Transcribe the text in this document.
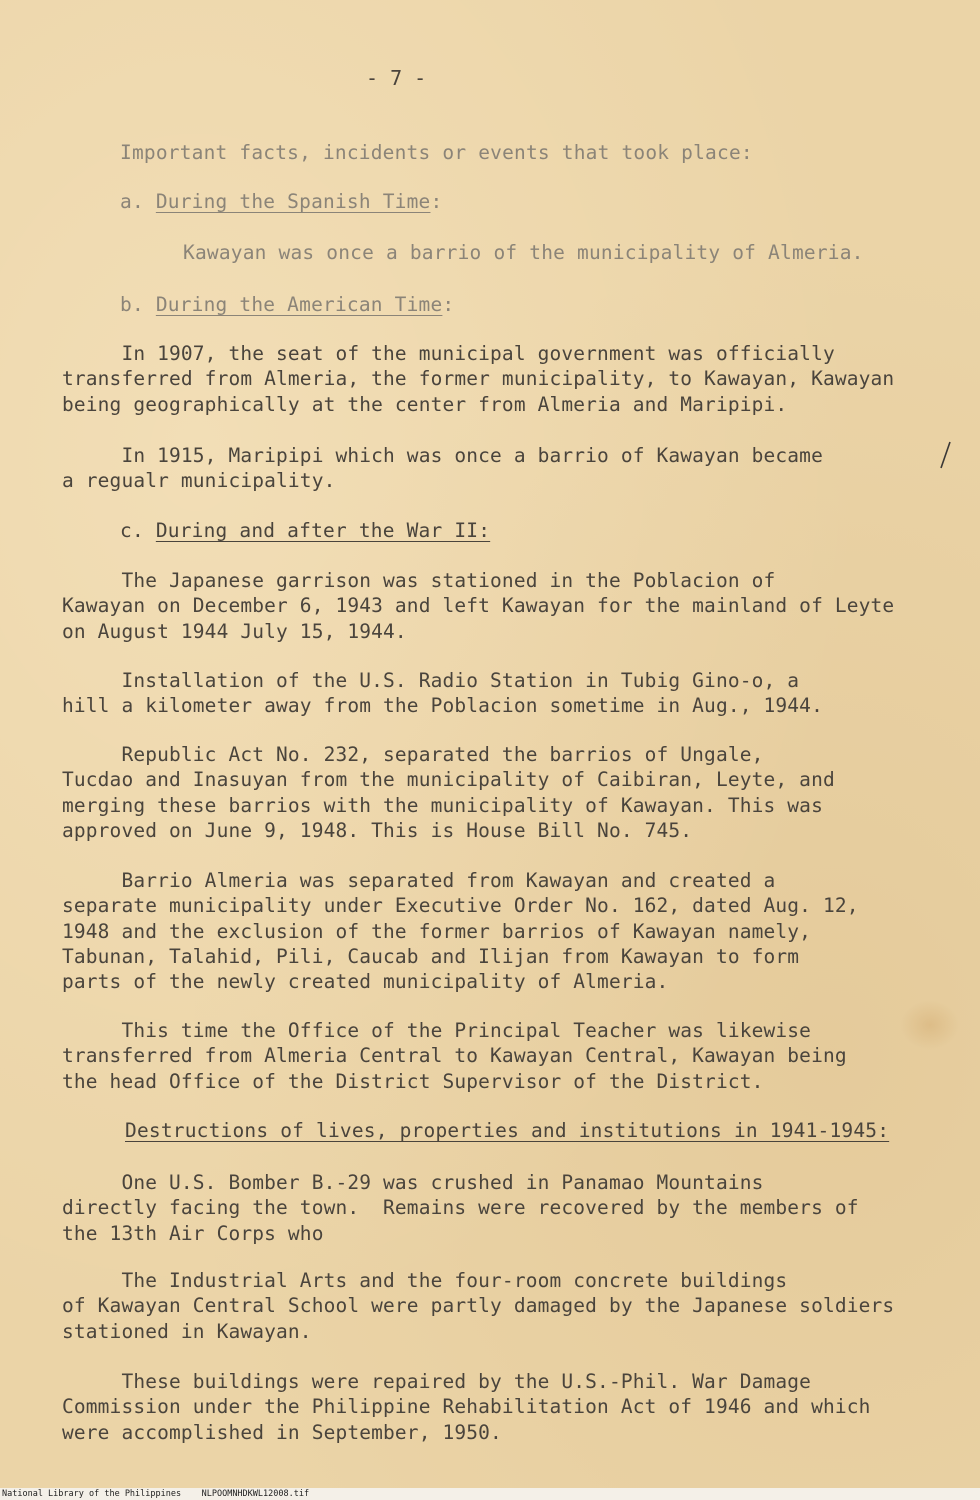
- 7 -
Important facts, incidents or events that took place:
a. During the Spanish Time:
Kawayan was once a barrio of the municipality of Almeria.
b. During the American Time:
In 1907, the seat of the municipal government was officially
transferred from Almeria, the former municipality, to Kawayan, Kawayan
being geographically at the center from Almeria and Maripipi.
In 1915, Maripipi which was once a barrio of Kawayan became
a regualr municipality.
c. During and after the War II:
The Japanese garrison was stationed in the Poblacion of
Kawayan on December 6, 1943 and left Kawayan for the mainland of Leyte
on August 1944 July 15, 1944.
Installation of the U.S. Radio Station in Tubig Gino-o, a
hill a kilometer away from the Poblacion sometime in Aug., 1944.
Republic Act No. 232, separated the barrios of Ungale,
Tucdao and Inasuyan from the municipality of Caibiran, Leyte, and
merging these barrios with the municipality of Kawayan. This was
approved on June 9, 1948. This is House Bill No. 745.
Barrio Almeria was separated from Kawayan and created a
separate municipality under Executive Order No. 162, dated Aug. 12,
1948 and the exclusion of the former barrios of Kawayan namely,
Tabunan, Talahid, Pili, Caucab and Ilijan from Kawayan to form
parts of the newly created municipality of Almeria.
This time the Office of the Principal Teacher was likewise
transferred from Almeria Central to Kawayan Central, Kawayan being
the head Office of the District Supervisor of the District.
Destructions of lives, properties and institutions in 1941-1945:
One U.S. Bomber B.-29 was crushed in Panamao Mountains
directly facing the town.  Remains were recovered by the members of
the 13th Air Corps who
The Industrial Arts and the four-room concrete buildings
of Kawayan Central School were partly damaged by the Japanese soldiers
stationed in Kawayan.
These buildings were repaired by the U.S.-Phil. War Damage
Commission under the Philippine Rehabilitation Act of 1946 and which
were accomplished in September, 1950.
National Library of the Philippines NLPOOMNHDKWL12008.tif
